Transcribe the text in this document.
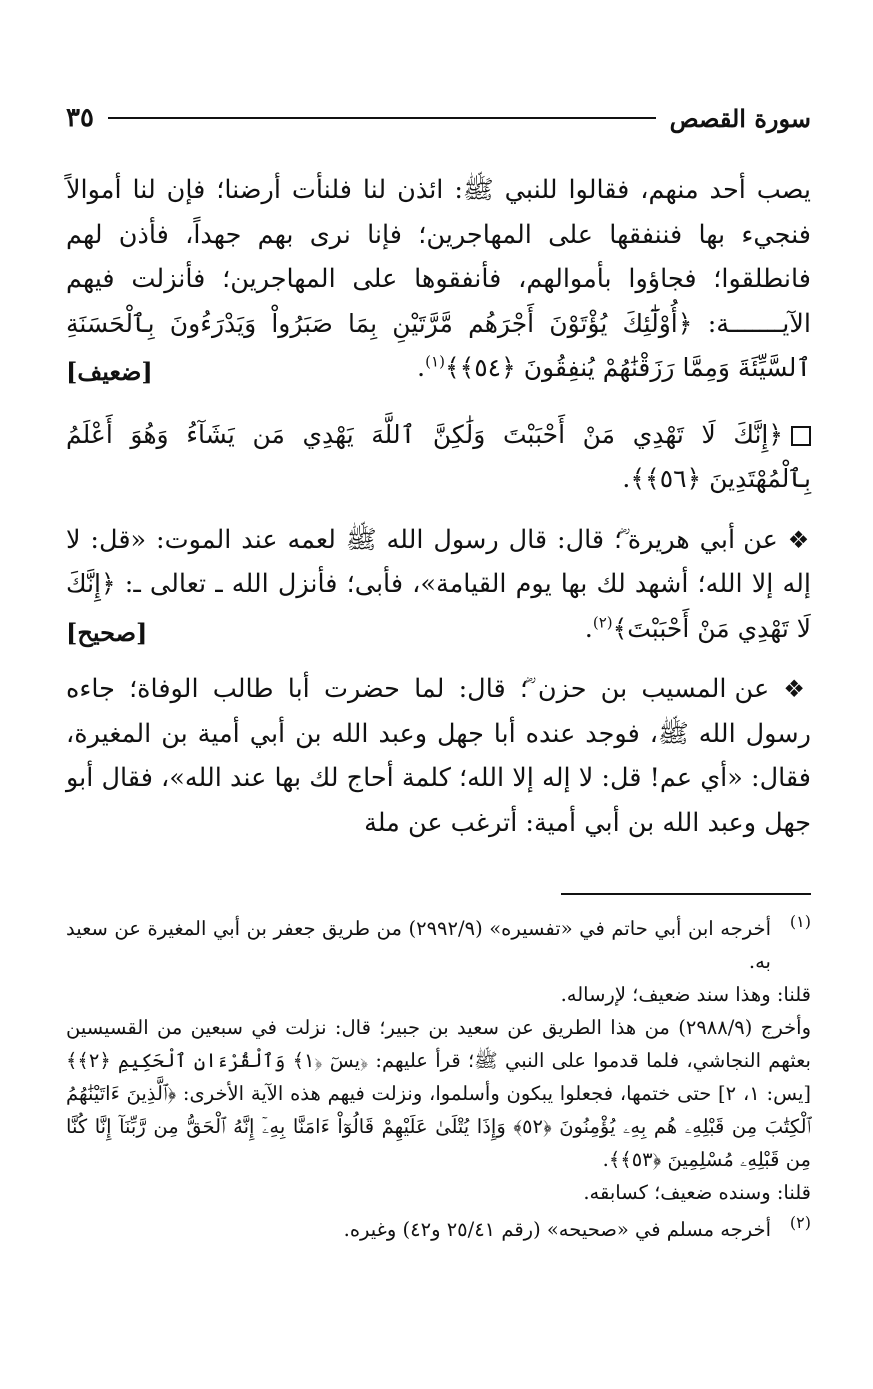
سورة القصص
٣٥

يصب أحد منهم، فقالوا للنبي ﷺ: ائذن لنا فلنأت أرضنا؛ فإن لنا أموالاً فنجيء بها فننفقها على المهاجرين؛ فإنا نرى بهم جهداً، فأذن لهم فانطلقوا؛ فجاؤوا بأموالهم، فأنفقوها على المهاجرين؛ فأنزلت فيهم الآيـــــــة: ﴿أُوْلَٰٓئِكَ يُؤْتَوْنَ أَجْرَهُم مَّرَّتَيْنِ بِمَا صَبَرُواْ وَيَدْرَءُونَ بِٱلْحَسَنَةِ ٱلسَّيِّئَةَ وَمِمَّا رَزَقْنَٰهُمْ يُنفِقُونَ ﴿٥٤﴾﴾$^{(١)}$.
[ضعيف]

﴿إِنَّكَ لَا تَهْدِي مَنْ أَحْبَبْتَ وَلَٰكِنَّ ٱللَّهَ يَهْدِي مَن يَشَآءُ وَهُوَ أَعْلَمُ بِٱلْمُهْتَدِينَ ﴿٥٦﴾﴾.

❖ عن أبي هريرة ؓ؛ قال: قال رسول الله ﷺ لعمه عند الموت: «قل: لا إله إلا الله؛ أشهد لك بها يوم القيامة»، فأبى؛ فأنزل الله ـ تعالى ـ: ﴿إِنَّكَ لَا تَهْدِي مَنْ أَحْبَبْتَ﴾$^{(٢)}$.
[صحيح]

❖ عن المسيب بن حزن ؓ؛ قال: لما حضرت أبا طالب الوفاة؛ جاءه رسول الله ﷺ، فوجد عنده أبا جهل وعبد الله بن أبي أمية بن المغيرة، فقال: «أي عم! قل: لا إله إلا الله؛ كلمة أحاج لك بها عند الله»، فقال أبو جهل وعبد الله بن أبي أمية: أترغب عن ملة

(١)

أخرجه ابن أبي حاتم في «تفسيره» (٢٩٩٢/٩) من طريق جعفر بن أبي المغيرة عن سعيد به.

قلنا: وهذا سند ضعيف؛ لإرساله.

وأخرج (٢٩٨٨/٩) من هذا الطريق عن سعيد بن جبير؛ قال: نزلت في سبعين من القسيسين بعثهم النجاشي، فلما قدموا على النبي ﷺ؛ قرأ عليهم: ﴿يسٓ ﴿١﴾ وَٱلْقُرْءَانِ ٱلْحَكِيمِ ﴿٢﴾﴾ [يس: ١، ٢] حتى ختمها، فجعلوا يبكون وأسلموا، ونزلت فيهم هذه الآية الأخرى: ﴿ٱلَّذِينَ ءَاتَيْنَٰهُمُ ٱلْكِتَٰبَ مِن قَبْلِهِۦ هُم بِهِۦ يُؤْمِنُونَ ﴿٥٢﴾ وَإِذَا يُتْلَىٰ عَلَيْهِمْ قَالُوٓاْ ءَامَنَّا بِهِۦٓ إِنَّهُ ٱلْحَقُّ مِن رَّبِّنَآ إِنَّا كُنَّا مِن قَبْلِهِۦ مُسْلِمِينَ ﴿٥٣﴾﴾.

قلنا: وسنده ضعيف؛ كسابقه.

(٢)

أخرجه مسلم في «صحيحه» (رقم ٢٥/٤١ و٤٢) وغيره.
